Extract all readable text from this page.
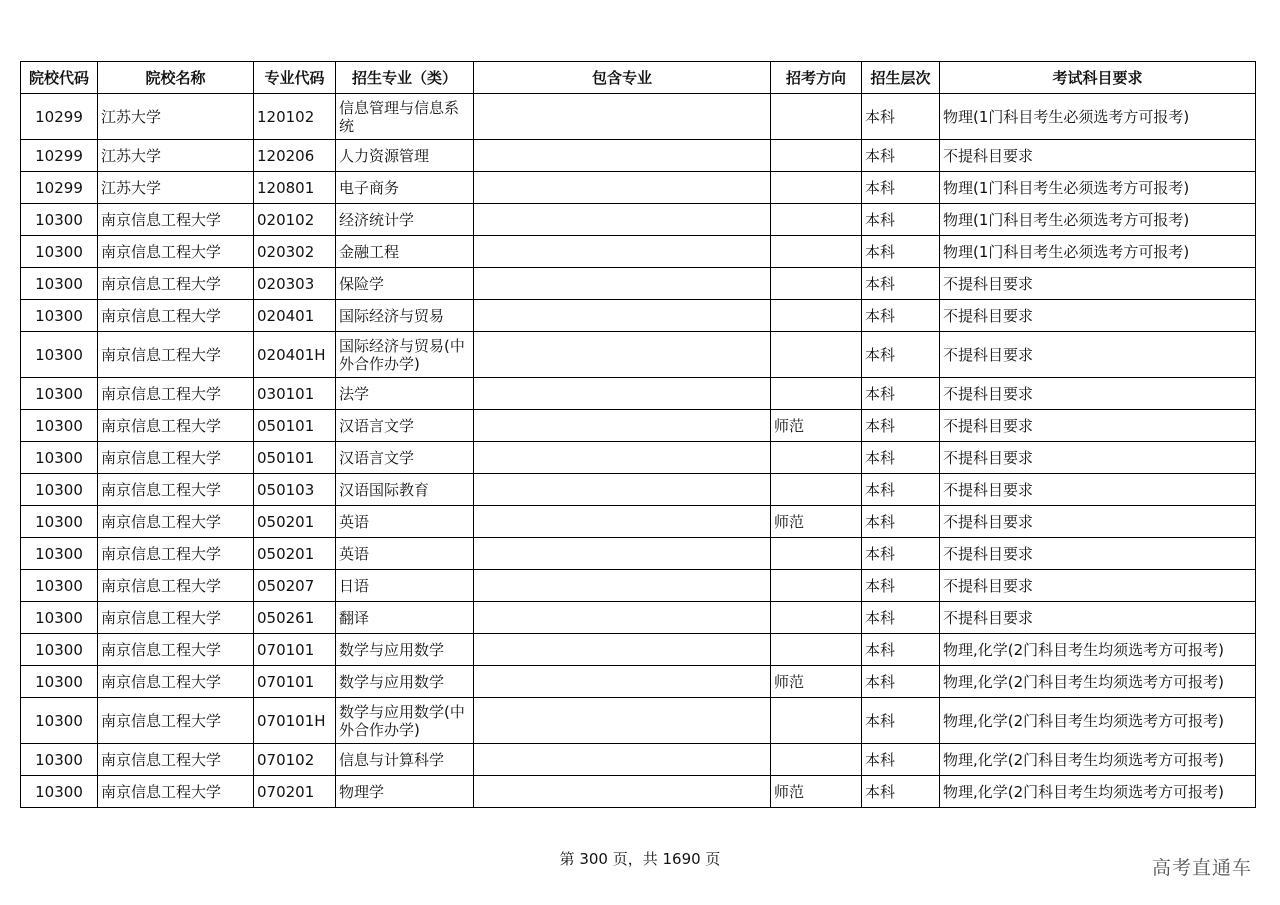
院校代码	院校名称	专业代码	招生专业（类）	包含专业	招考方向	招生层次	考试科目要求
10299	江苏大学	120102	信息管理与信息系统			本科	物理(1门科目考生必须选考方可报考)
10299	江苏大学	120206	人力资源管理			本科	不提科目要求
10299	江苏大学	120801	电子商务			本科	物理(1门科目考生必须选考方可报考)
10300	南京信息工程大学	020102	经济统计学			本科	物理(1门科目考生必须选考方可报考)
10300	南京信息工程大学	020302	金融工程			本科	物理(1门科目考生必须选考方可报考)
10300	南京信息工程大学	020303	保险学			本科	不提科目要求
10300	南京信息工程大学	020401	国际经济与贸易			本科	不提科目要求
10300	南京信息工程大学	020401H	国际经济与贸易(中外合作办学)			本科	不提科目要求
10300	南京信息工程大学	030101	法学			本科	不提科目要求
10300	南京信息工程大学	050101	汉语言文学		师范	本科	不提科目要求
10300	南京信息工程大学	050101	汉语言文学			本科	不提科目要求
10300	南京信息工程大学	050103	汉语国际教育			本科	不提科目要求
10300	南京信息工程大学	050201	英语		师范	本科	不提科目要求
10300	南京信息工程大学	050201	英语			本科	不提科目要求
10300	南京信息工程大学	050207	日语			本科	不提科目要求
10300	南京信息工程大学	050261	翻译			本科	不提科目要求
10300	南京信息工程大学	070101	数学与应用数学			本科	物理,化学(2门科目考生均须选考方可报考)
10300	南京信息工程大学	070101	数学与应用数学		师范	本科	物理,化学(2门科目考生均须选考方可报考)
10300	南京信息工程大学	070101H	数学与应用数学(中外合作办学)			本科	物理,化学(2门科目考生均须选考方可报考)
10300	南京信息工程大学	070102	信息与计算科学			本科	物理,化学(2门科目考生均须选考方可报考)
10300	南京信息工程大学	070201	物理学		师范	本科	物理,化学(2门科目考生均须选考方可报考)
第 300 页，共 1690 页	高考直通车
